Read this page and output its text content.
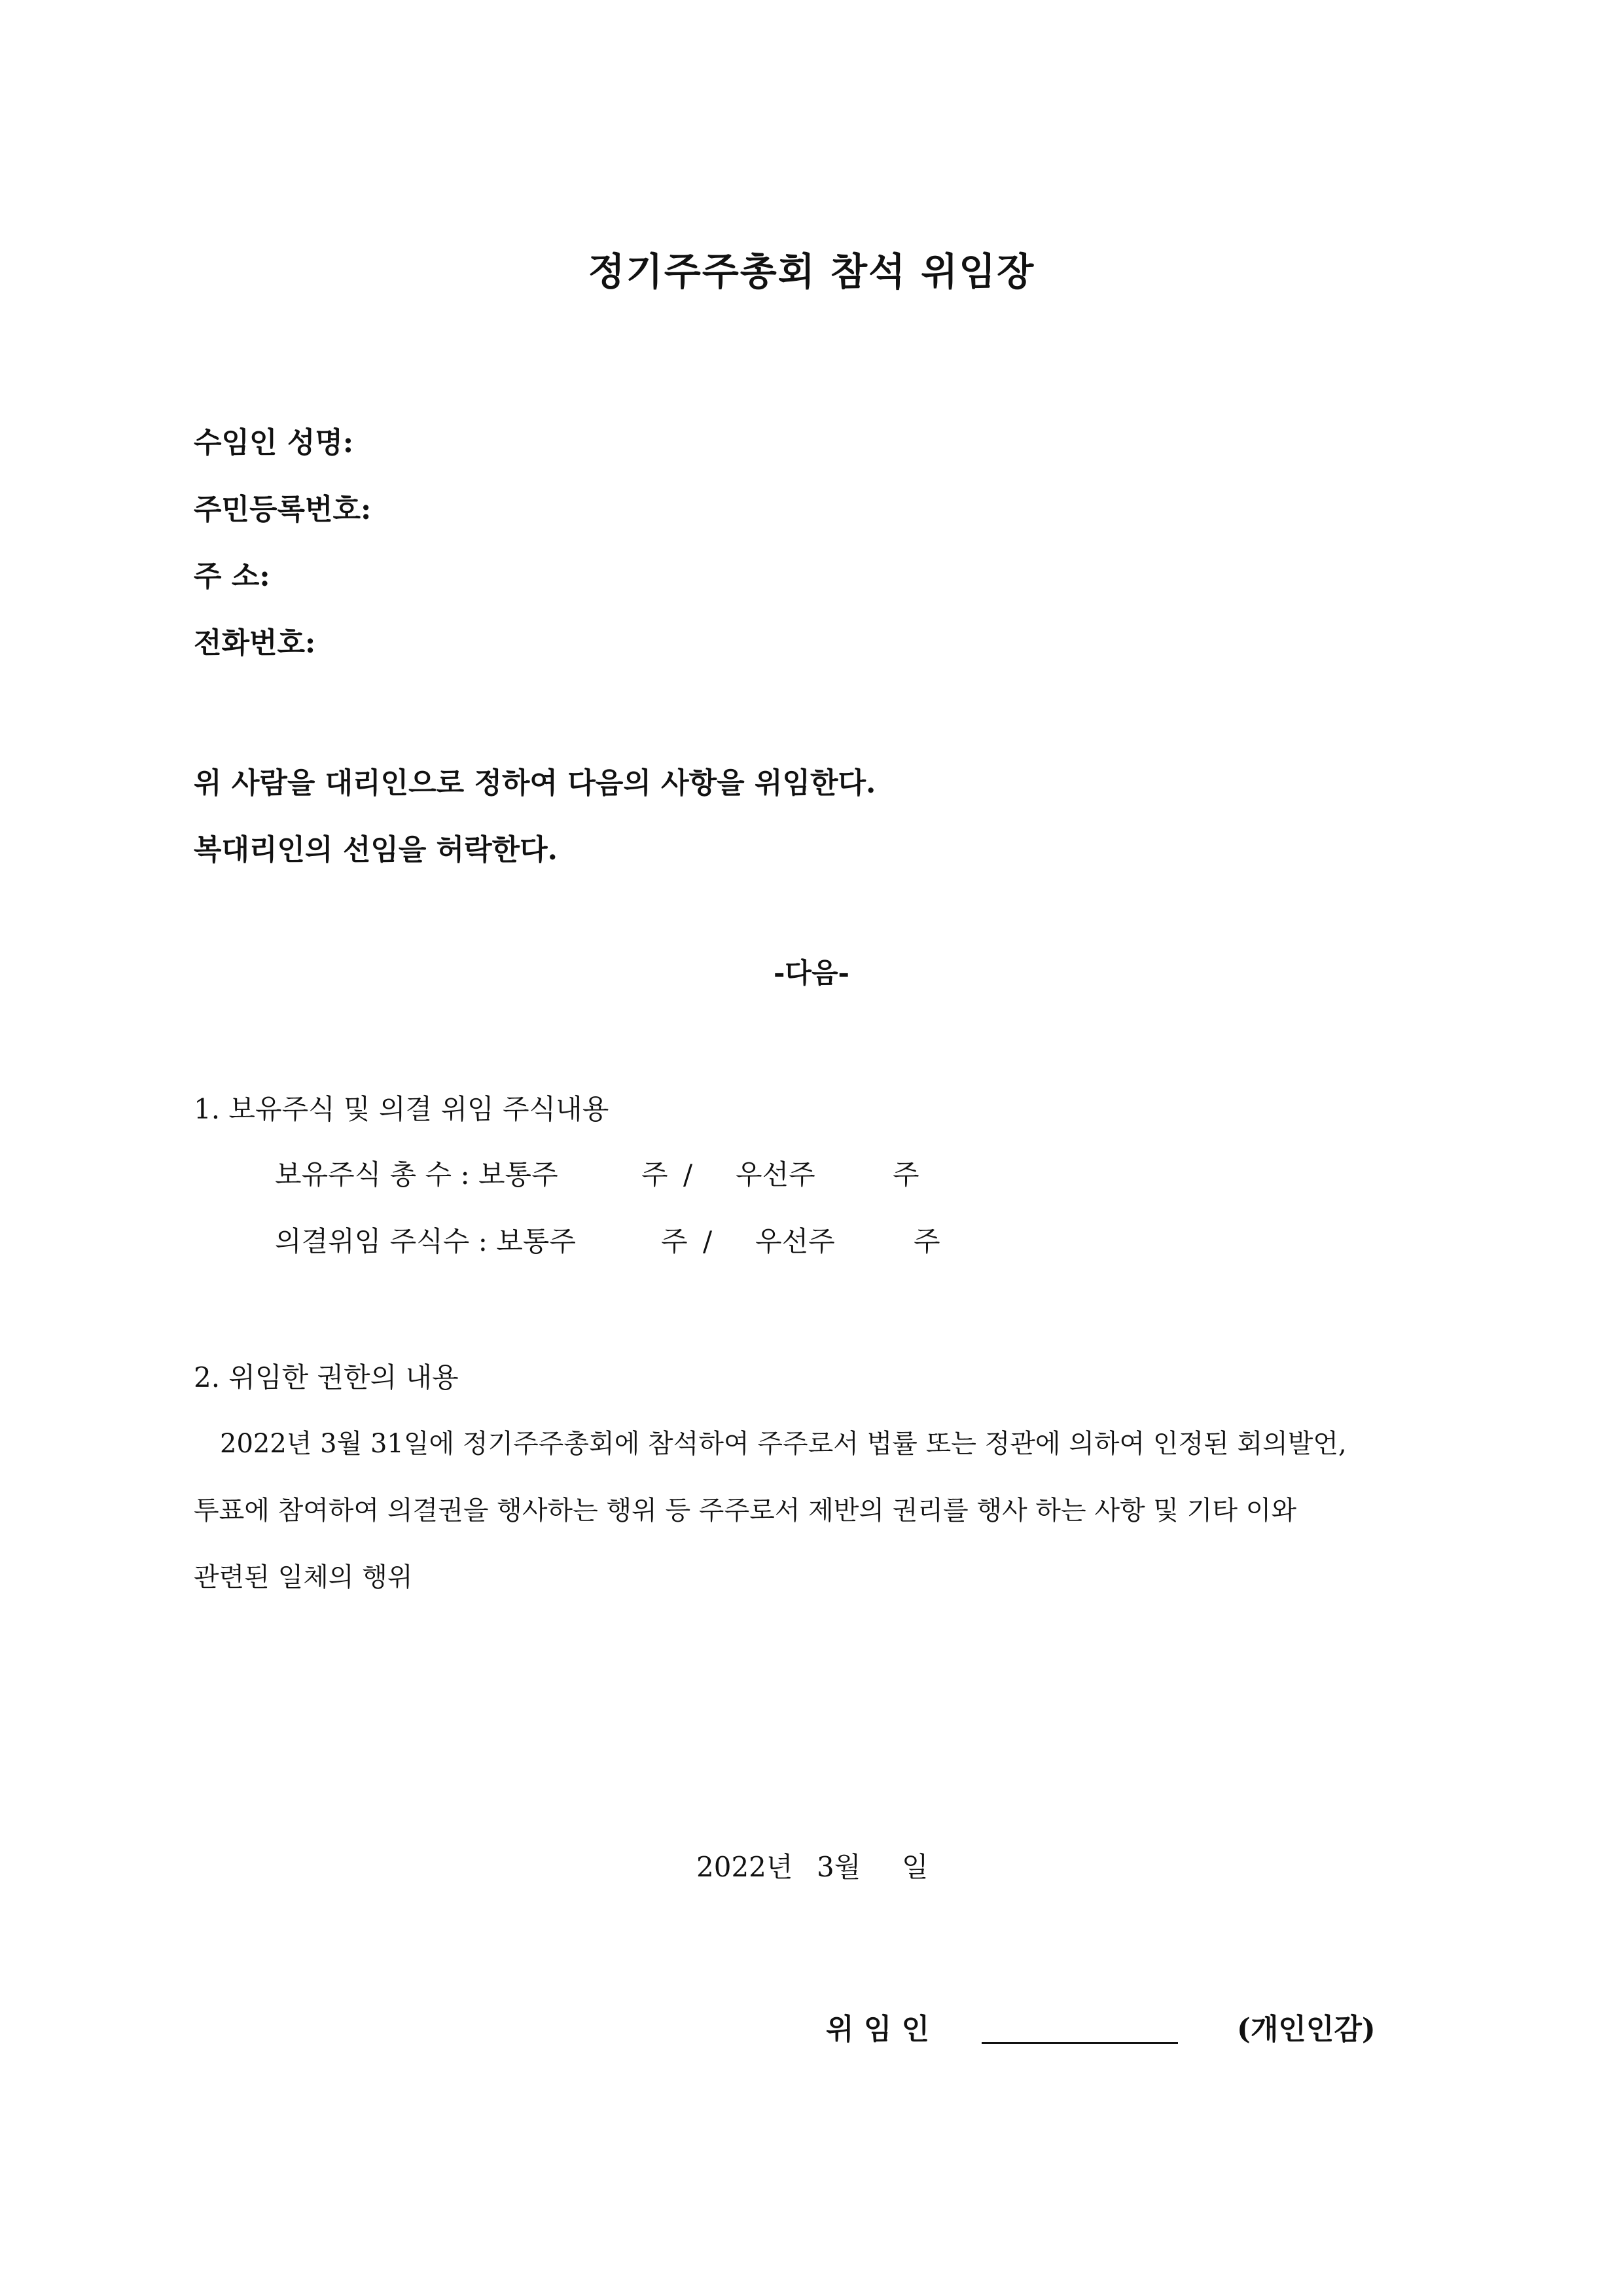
정기주주총회 참석 위임장
수임인 성명:
주민등록번호:
주 소:
전화번호:
위 사람을 대리인으로 정하여 다음의 사항을 위임한다.
복대리인의 선임을 허락한다.
-다음-
1. 보유주식 및 의결 위임 주식내용
보유주식 총 수 : 보통주	주 /	우선주	주
의결위임 주식수 : 보통주	주 /	우선주	주
2. 위임한 권한의 내용
2022년 3월 31일에 정기주주총회에 참석하여 주주로서 법률 또는 정관에 의하여 인정된 회의발언,
투표에 참여하여 의결권을 행사하는 행위 등 주주로서 제반의 권리를 행사 하는 사항 및 기타 이와
관련된 일체의 행위
2022년 3월 일
위 임 인	(개인인감)
